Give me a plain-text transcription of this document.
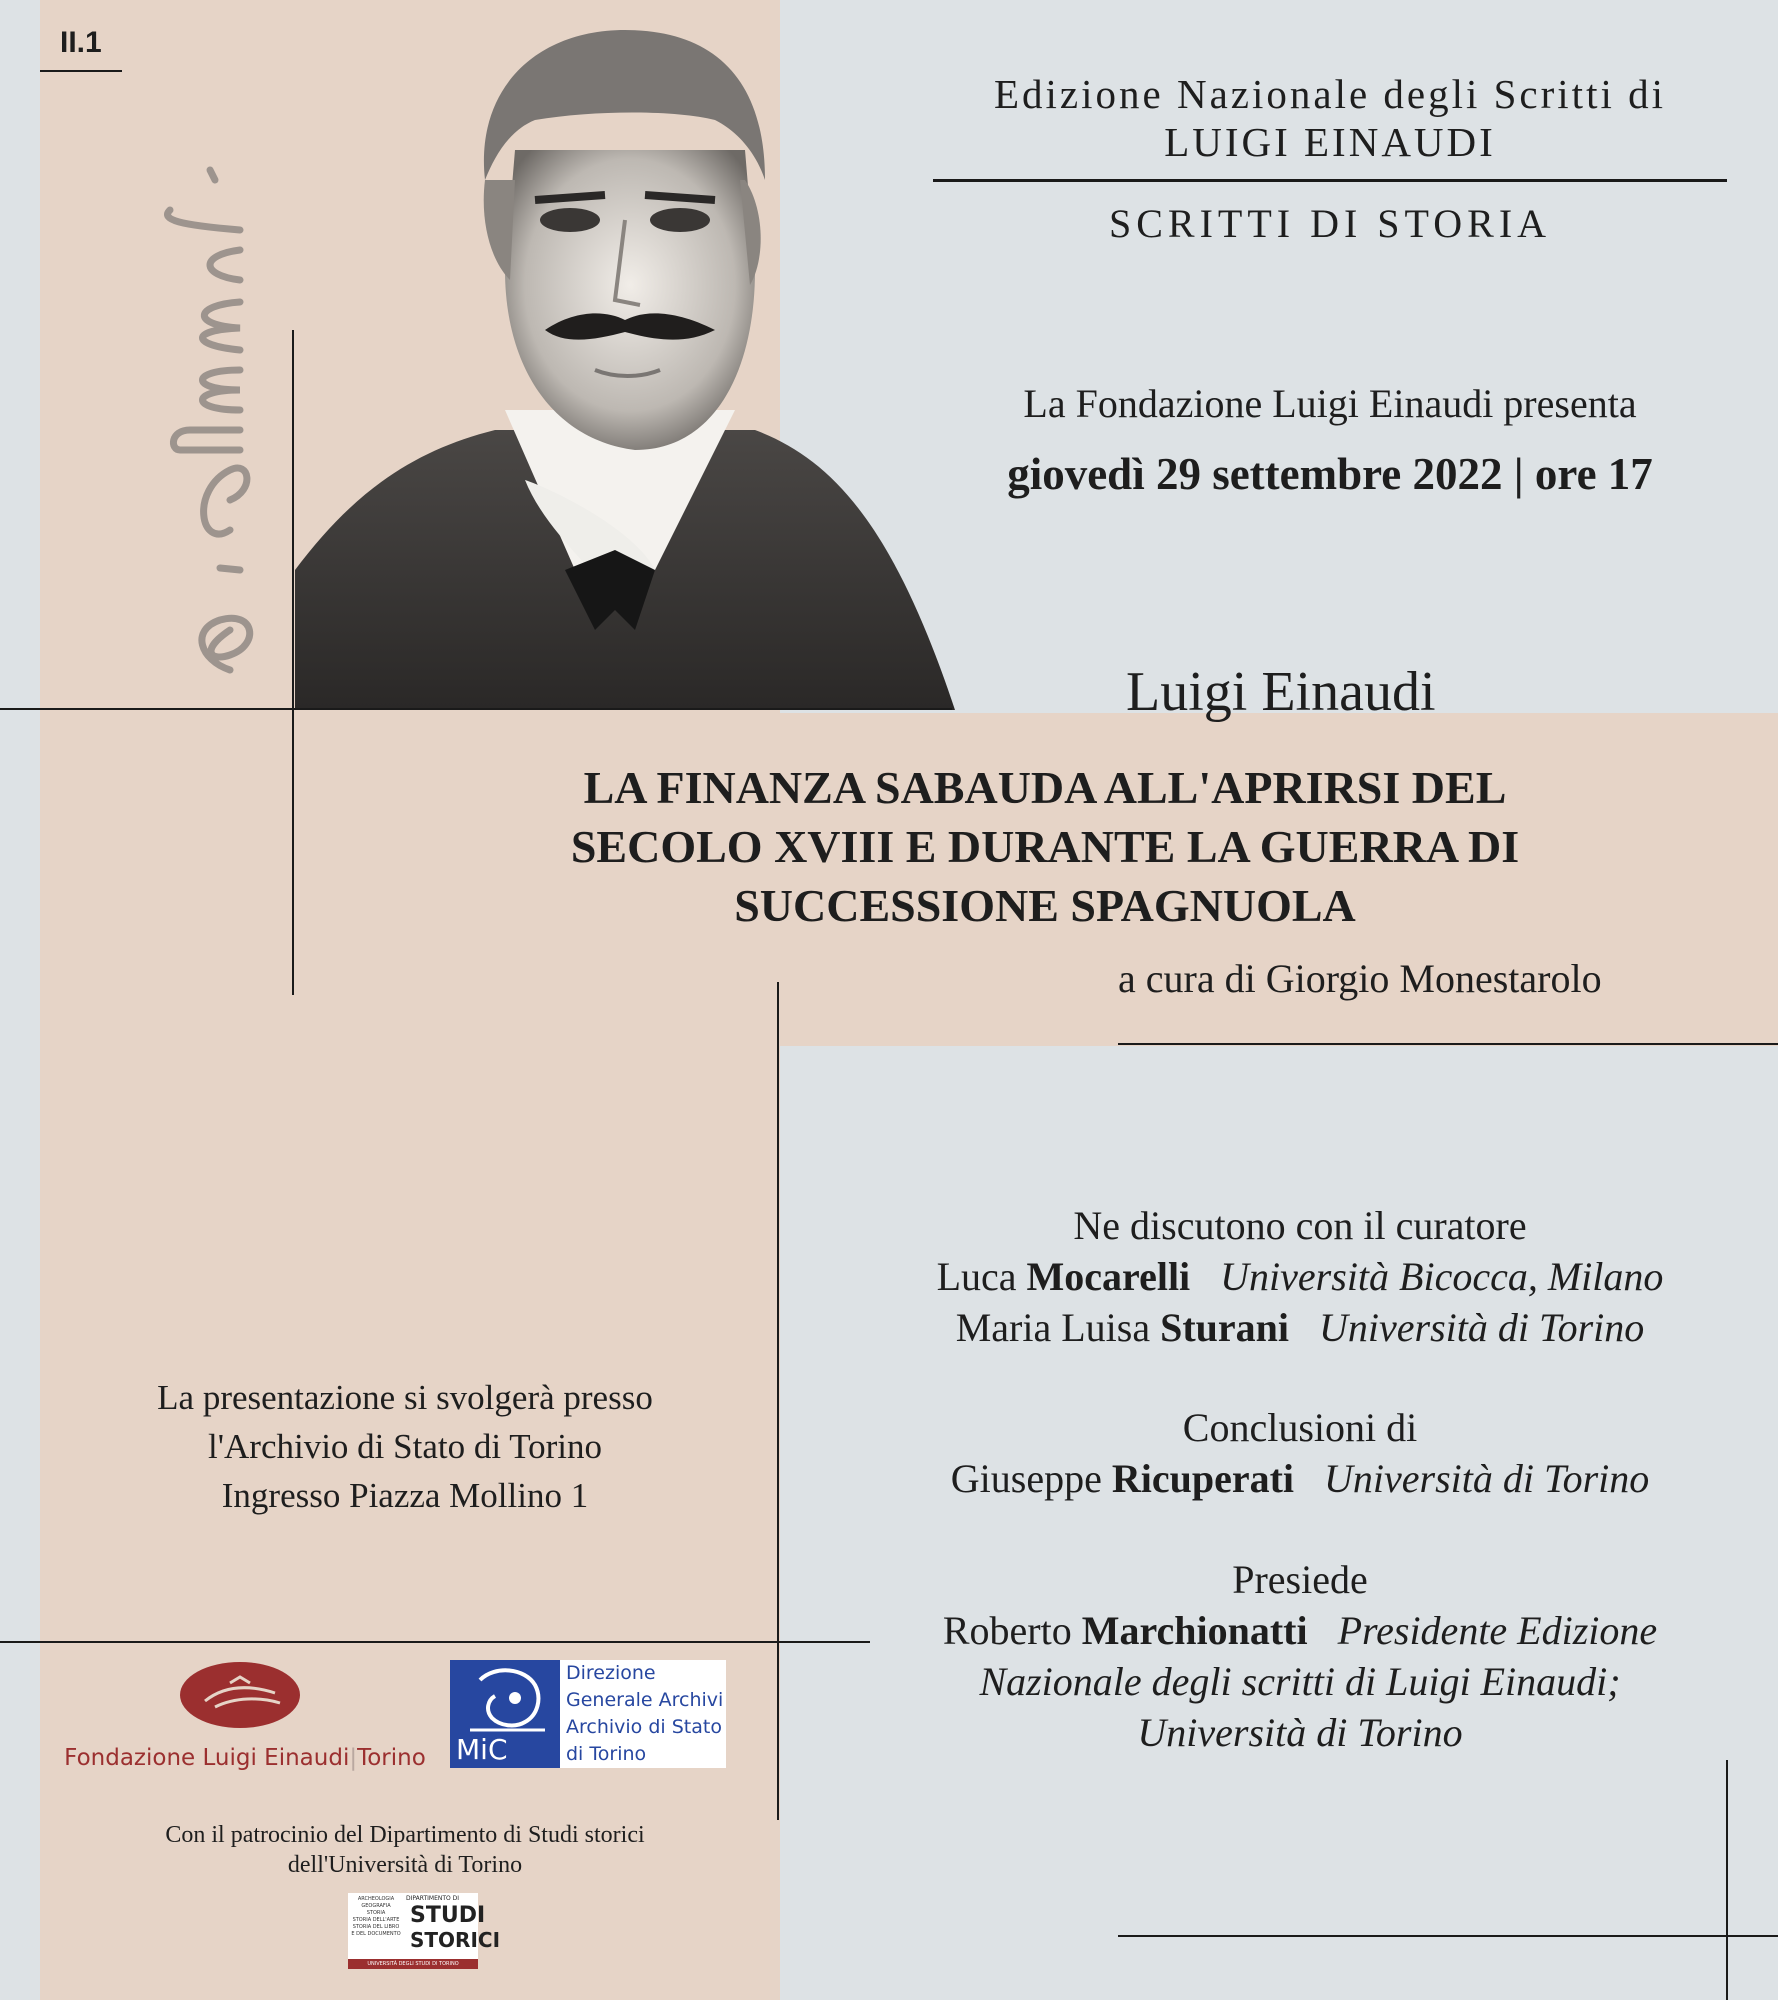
II.1
Edizione Nazionale degli Scritti di
LUIGI EINAUDI
SCRITTI DI STORIA
La Fondazione Luigi Einaudi presenta
giovedì 29 settembre 2022 | ore 17
Luigi Einaudi
LA FINANZA SABAUDA ALL'APRIRSI DEL
SECOLO XVIII E DURANTE LA GUERRA DI
SUCCESSIONE SPAGNUOLA
a cura di Giorgio Monestarolo
Ne discutono con il curatore
Luca Mocarelli Università Bicocca, Milano
Maria Luisa Sturani Università di Torino
Conclusioni di
Giuseppe Ricuperati Università di Torino
Presiede
Roberto Marchionatti Presidente Edizione
Nazionale degli scritti di Luigi Einaudi;
Università di Torino
La presentazione si svolgerà presso
l'Archivio di Stato di Torino
Ingresso Piazza Mollino 1
Fondazione Luigi Einaudi|Torino	MiC
Direzione
Generale Archivi
Archivio di Stato
di Torino
Con il patrocinio del Dipartimento di Studi storici
dell'Università di Torino
ARCHEOLOGIA
GEOGRAFIA
STORIA
STORIA DELL'ARTE
STORIA DEL LIBRO
E DEL DOCUMENTO
DIPARTIMENTO DI
STUDI
STORICI
UNIVERSITÀ DEGLI STUDI DI TORINO
